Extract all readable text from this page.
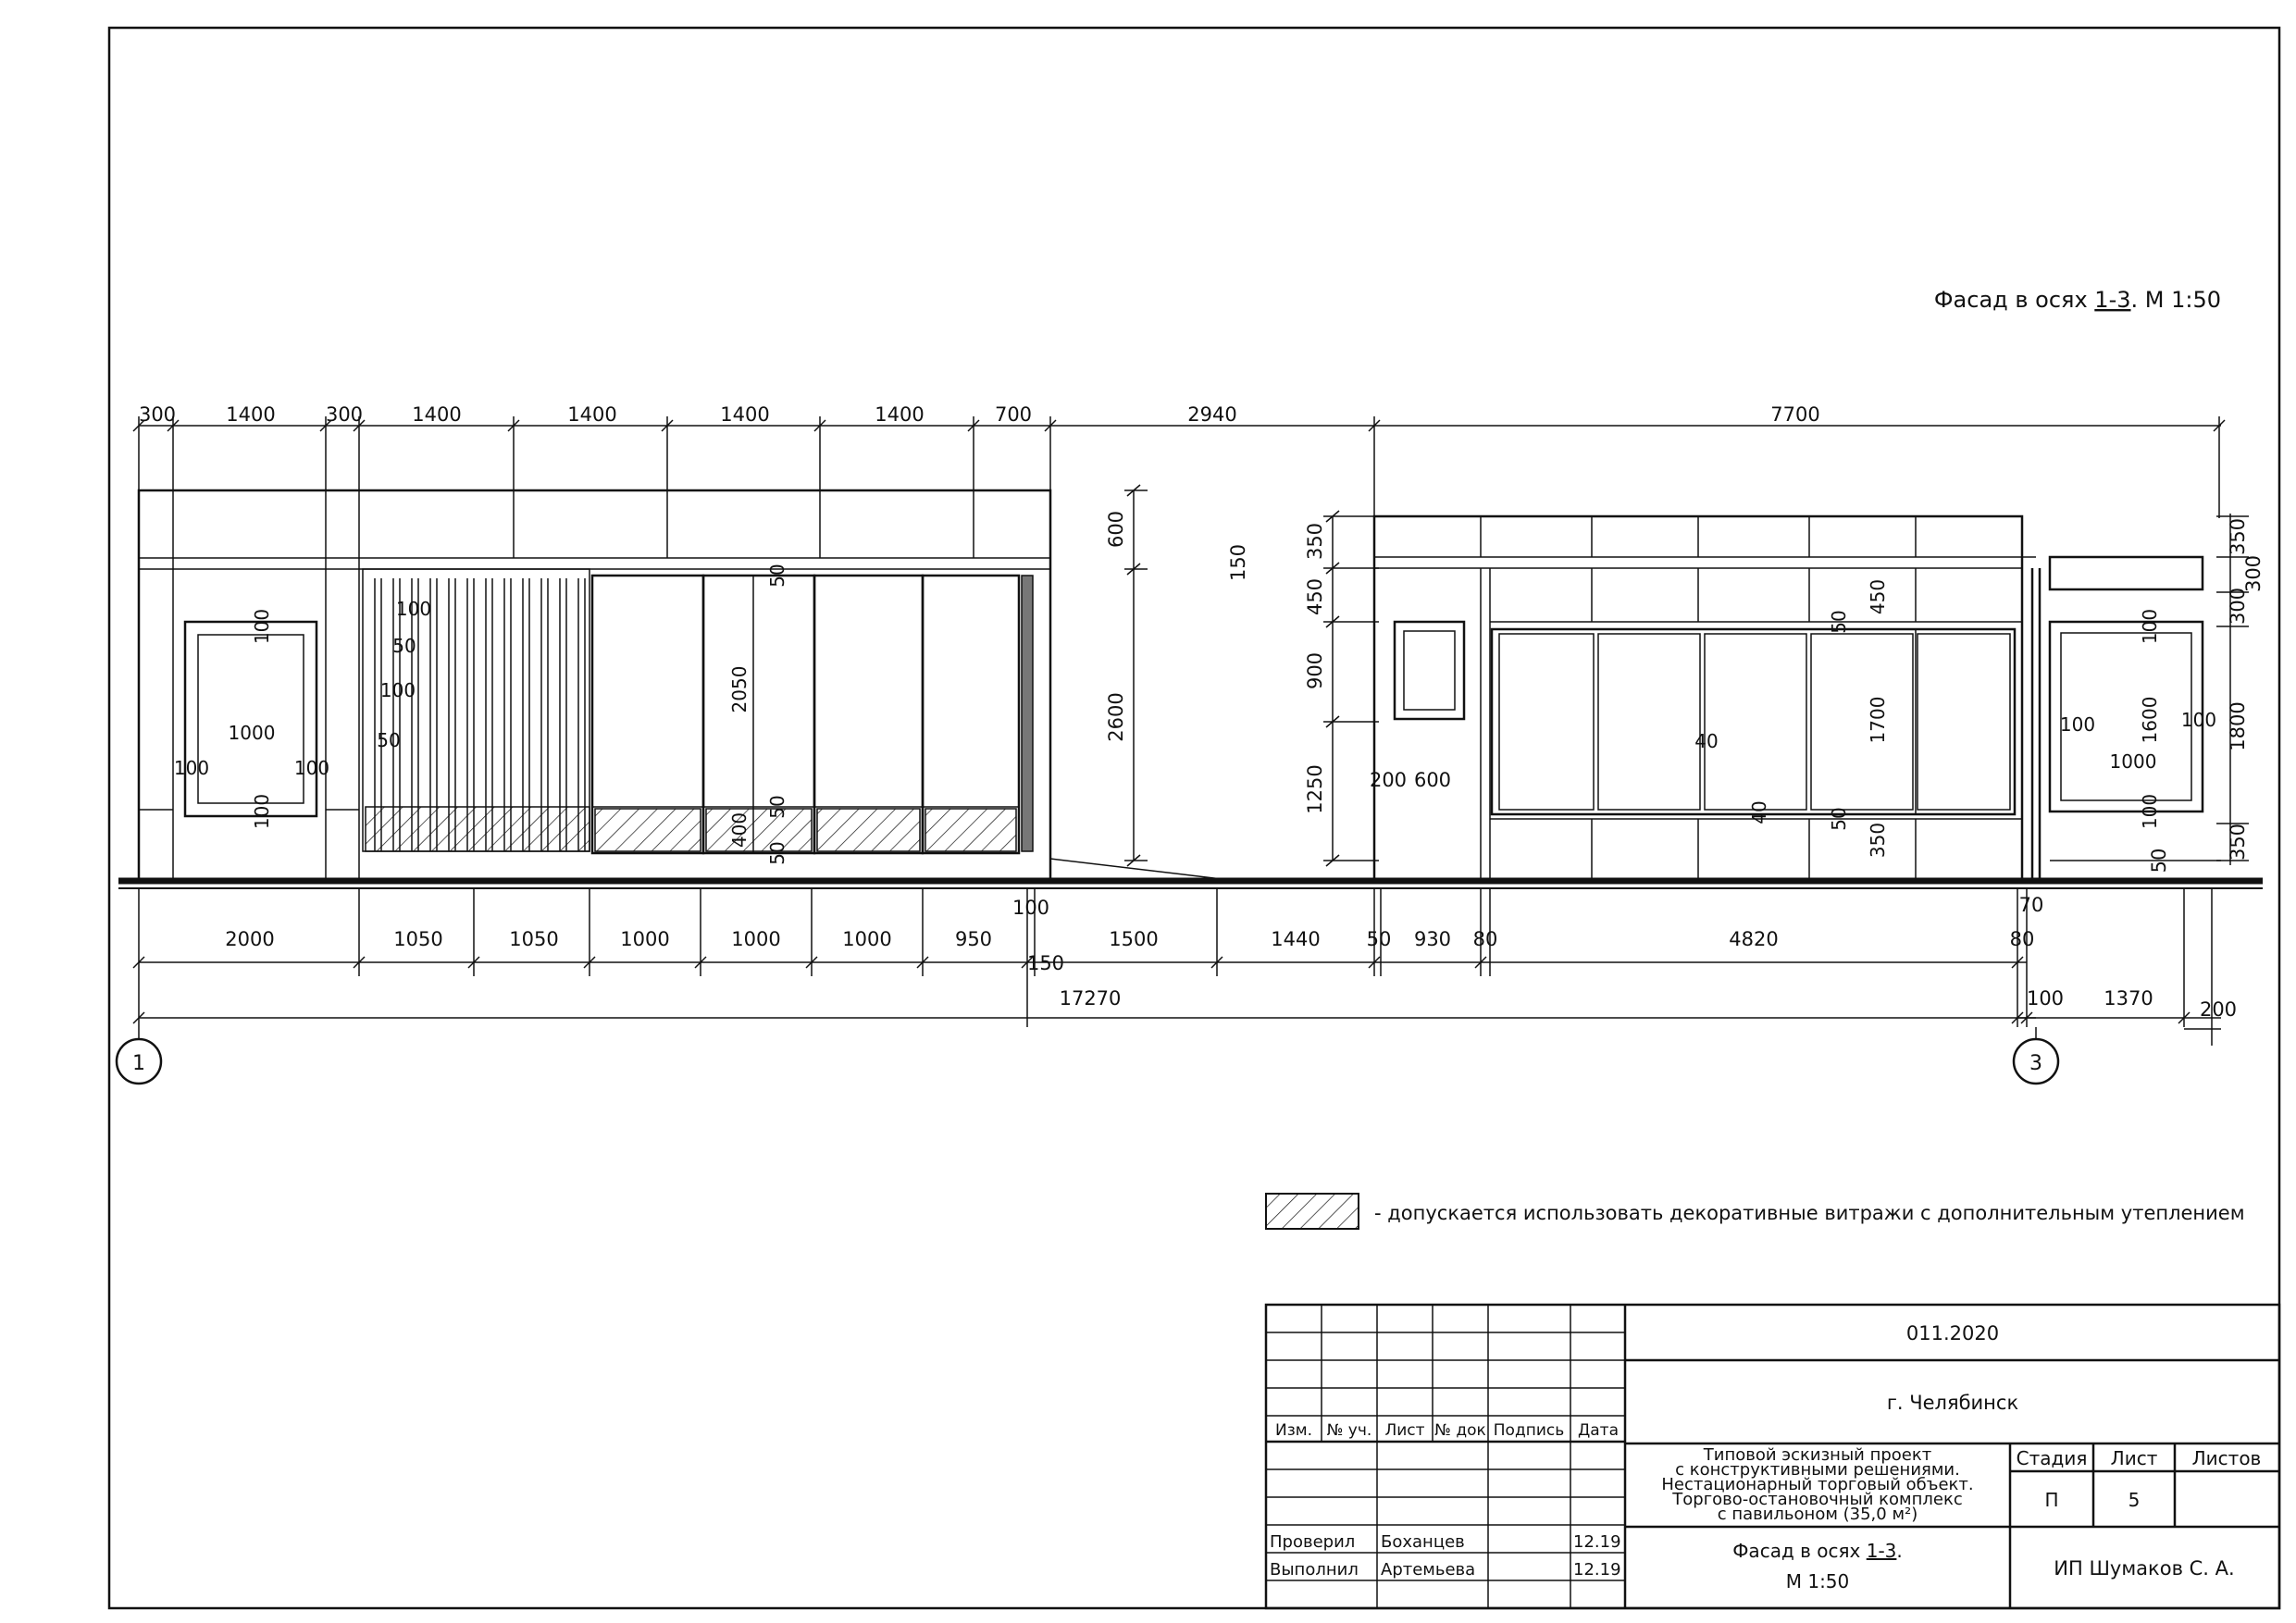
Фасад в осях 1-3. М 1:50
300	1400	300	1400	1400	1400	1400	700	2940	7700
600
2600
150
350
450
900
1250 200 600
350
300
300
1800
350
50
100
100
1000
100	100
100
50
100
50
50
2050
50
400
50
40
50
450
1700
40	50
350
100
100
1000
1600
100	100
2000	1050	1050	1000	1000	1000	950	1500	1440 50 930 80	4820	80
100
150
70
100 1370 200
17270
1	3
- допускается использовать декоративные витражи с дополнительным утеплением
Изм. № уч. Лист № док Подпись Дата
Проверил Боханцев	12.19
Выполнил Артемьева	12.19
011.2020
г. Челябинск
Типовой эскизный проект
с конструктивными решениями.
Нестационарный торговый объект.
Торгово-остановочный комплекс
с павильоном (35,0 м²)
Стадия Лист Листов
П	5
Фасад в осях 1-3.
М 1:50
ИП Шумаков С. А.
